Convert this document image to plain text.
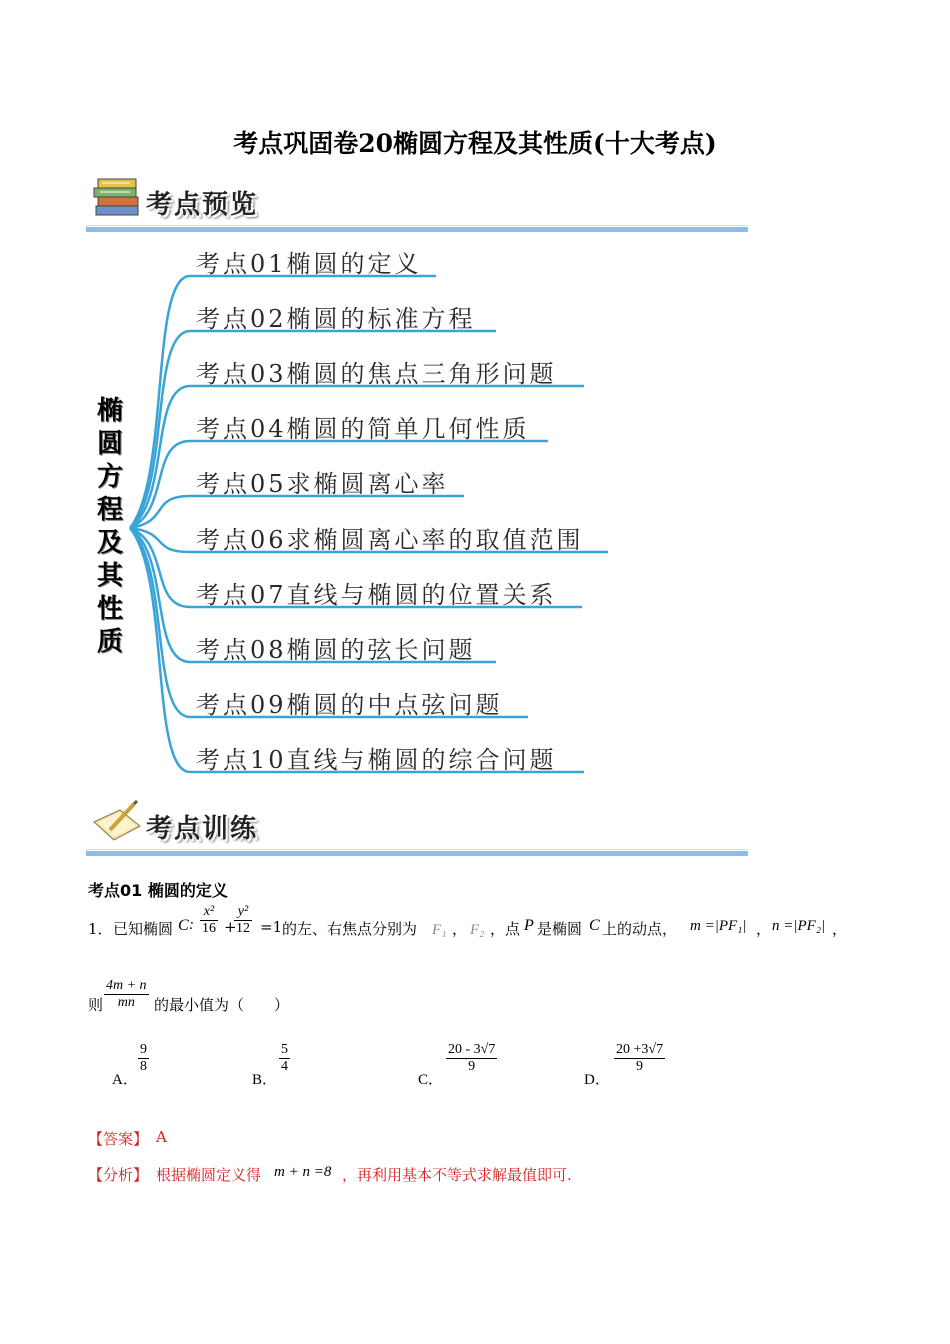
考点巩固卷20椭圆方程及其性质(十大考点)
考点预览
椭
圆
方
程
及
其
性
质
考点01椭圆的定义
考点02椭圆的标准方程
考点03椭圆的焦点三角形问题
考点04椭圆的简单几何性质
考点05求椭圆离心率
考点06求椭圆离心率的取值范围
考点07直线与椭圆的位置关系
考点08椭圆的弦长问题
考点09椭圆的中点弦问题
考点10直线与椭圆的综合问题
考点训练
考点01 椭圆的定义
1． 已知椭圆 C : $\frac{\text{x²}}{16}$ +
$\frac{\text{y²}}{12} =1$ 的左、右焦点分别为 F₁ ， F₂ ，点 P 是椭圆 C 上的动点， m =|PF₁| ， n =|PF₂| ，
则 $\frac{4m + n}{mn}$ 的最小值为（　　）
A．
$\frac{9}{8}$
B．
$\frac{5}{4}$
C．
$\frac{20 - 3√7}{9}$
D．
$\frac{20 +3√7}{9}$
【答案】 A
【分析】 根据椭圆定义得 m + n =8 ，再利用基本不等式求解最值即可.
